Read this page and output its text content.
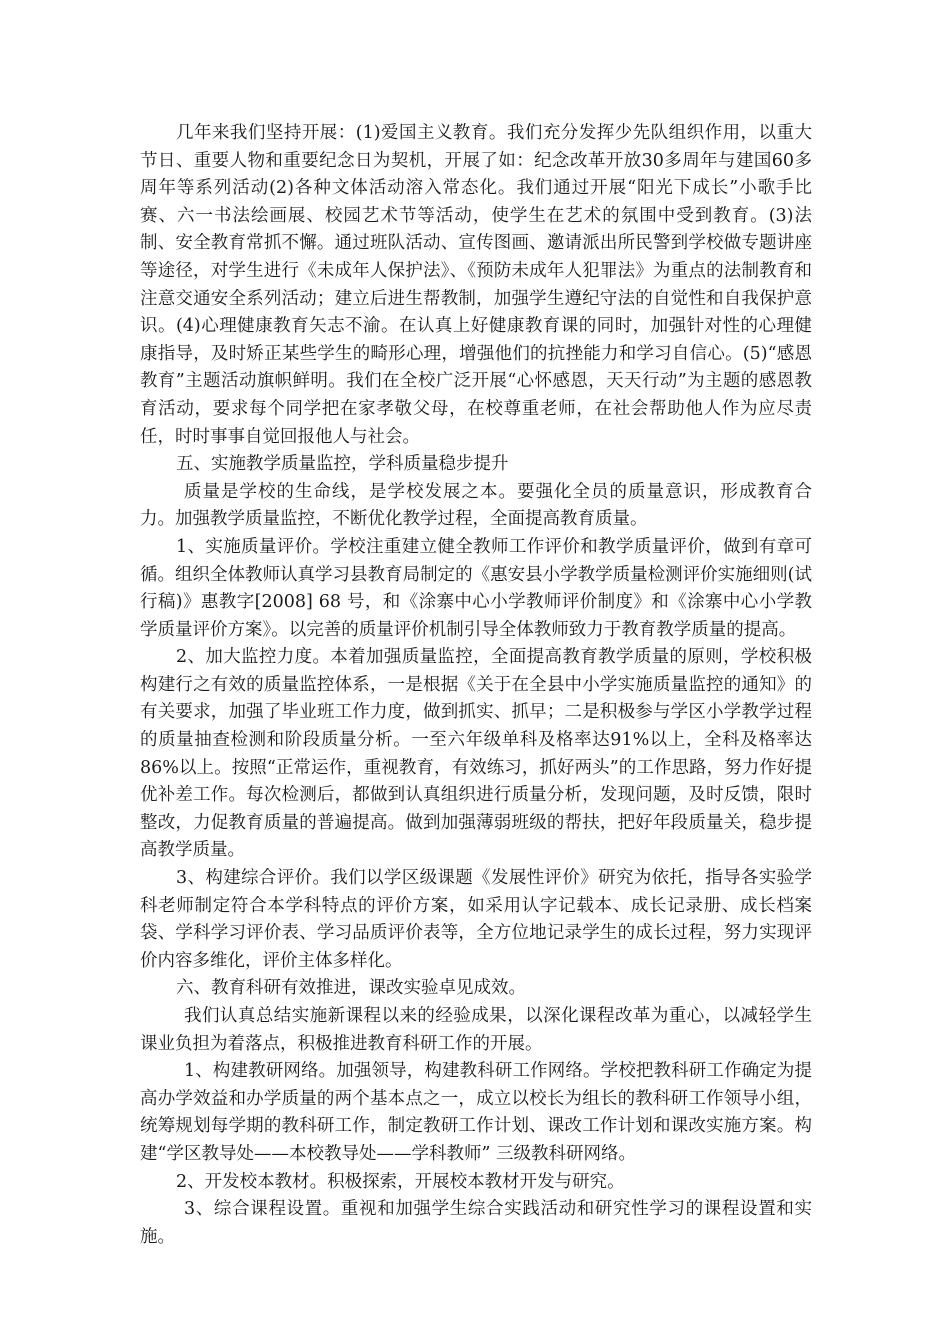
几年来我们坚持开展：(1)爱国主义教育。我们充分发挥少先队组织作用，以重大节日、重要人物和重要纪念日为契机，开展了如：纪念改革开放30多周年与建国60多周年等系列活动(2)各种文体活动溶入常态化。我们通过开展“阳光下成长”小歌手比赛、六一书法绘画展、校园艺术节等活动，使学生在艺术的氛围中受到教育。(3)法制、安全教育常抓不懈。通过班队活动、宣传图画、邀请派出所民警到学校做专题讲座等途径，对学生进行《未成年人保护法》、《预防未成年人犯罪法》为重点的法制教育和注意交通安全系列活动；建立后进生帮教制，加强学生遵纪守法的自觉性和自我保护意识。(4)心理健康教育矢志不渝。在认真上好健康教育课的同时，加强针对性的心理健康指导，及时矫正某些学生的畸形心理，增强他们的抗挫能力和学习自信心。(5)“感恩教育”主题活动旗帜鲜明。我们在全校广泛开展“心怀感恩，天天行动”为主题的感恩教育活动，要求每个同学把在家孝敬父母，在校尊重老师，在社会帮助他人作为应尽责任，时时事事自觉回报他人与社会。

五、实施教学质量监控，学科质量稳步提升

质量是学校的生命线，是学校发展之本。要强化全员的质量意识，形成教育合力。加强教学质量监控，不断优化教学过程，全面提高教育质量。

1、实施质量评价。学校注重建立健全教师工作评价和教学质量评价，做到有章可循。组织全体教师认真学习县教育局制定的《惠安县小学教学质量检测评价实施细则(试行稿)》惠教字[2008] 68 号，和《涂寨中心小学教师评价制度》和《涂寨中心小学教学质量评价方案》。以完善的质量评价机制引导全体教师致力于教育教学质量的提高。

2、加大监控力度。本着加强质量监控，全面提高教育教学质量的原则，学校积极构建行之有效的质量监控体系，一是根据《关于在全县中小学实施质量监控的通知》的有关要求，加强了毕业班工作力度，做到抓实、抓早；二是积极参与学区小学教学过程的质量抽查检测和阶段质量分析。一至六年级单科及格率达91%以上，全科及格率达86%以上。按照“正常运作，重视教育，有效练习，抓好两头”的工作思路，努力作好提优补差工作。每次检测后，都做到认真组织进行质量分析，发现问题，及时反馈，限时整改，力促教育质量的普遍提高。做到加强薄弱班级的帮扶，把好年段质量关，稳步提高教学质量。

3、构建综合评价。我们以学区级课题《发展性评价》研究为依托，指导各实验学科老师制定符合本学科特点的评价方案，如采用认字记载本、成长记录册、成长档案袋、学科学习评价表、学习品质评价表等，全方位地记录学生的成长过程，努力实现评价内容多维化，评价主体多样化。

六、教育科研有效推进，课改实验卓见成效。

我们认真总结实施新课程以来的经验成果，以深化课程改革为重心，以减轻学生课业负担为着落点，积极推进教育科研工作的开展。

1、构建教研网络。加强领导，构建教科研工作网络。学校把教科研工作确定为提高办学效益和办学质量的两个基本点之一，成立以校长为组长的教科研工作领导小组，统筹规划每学期的教科研工作，制定教研工作计划、课改工作计划和课改实施方案。构建“学区教导处——本校教导处——学科教师” 三级教科研网络。

2、开发校本教材。积极探索，开展校本教材开发与研究。

3、综合课程设置。重视和加强学生综合实践活动和研究性学习的课程设置和实施。
